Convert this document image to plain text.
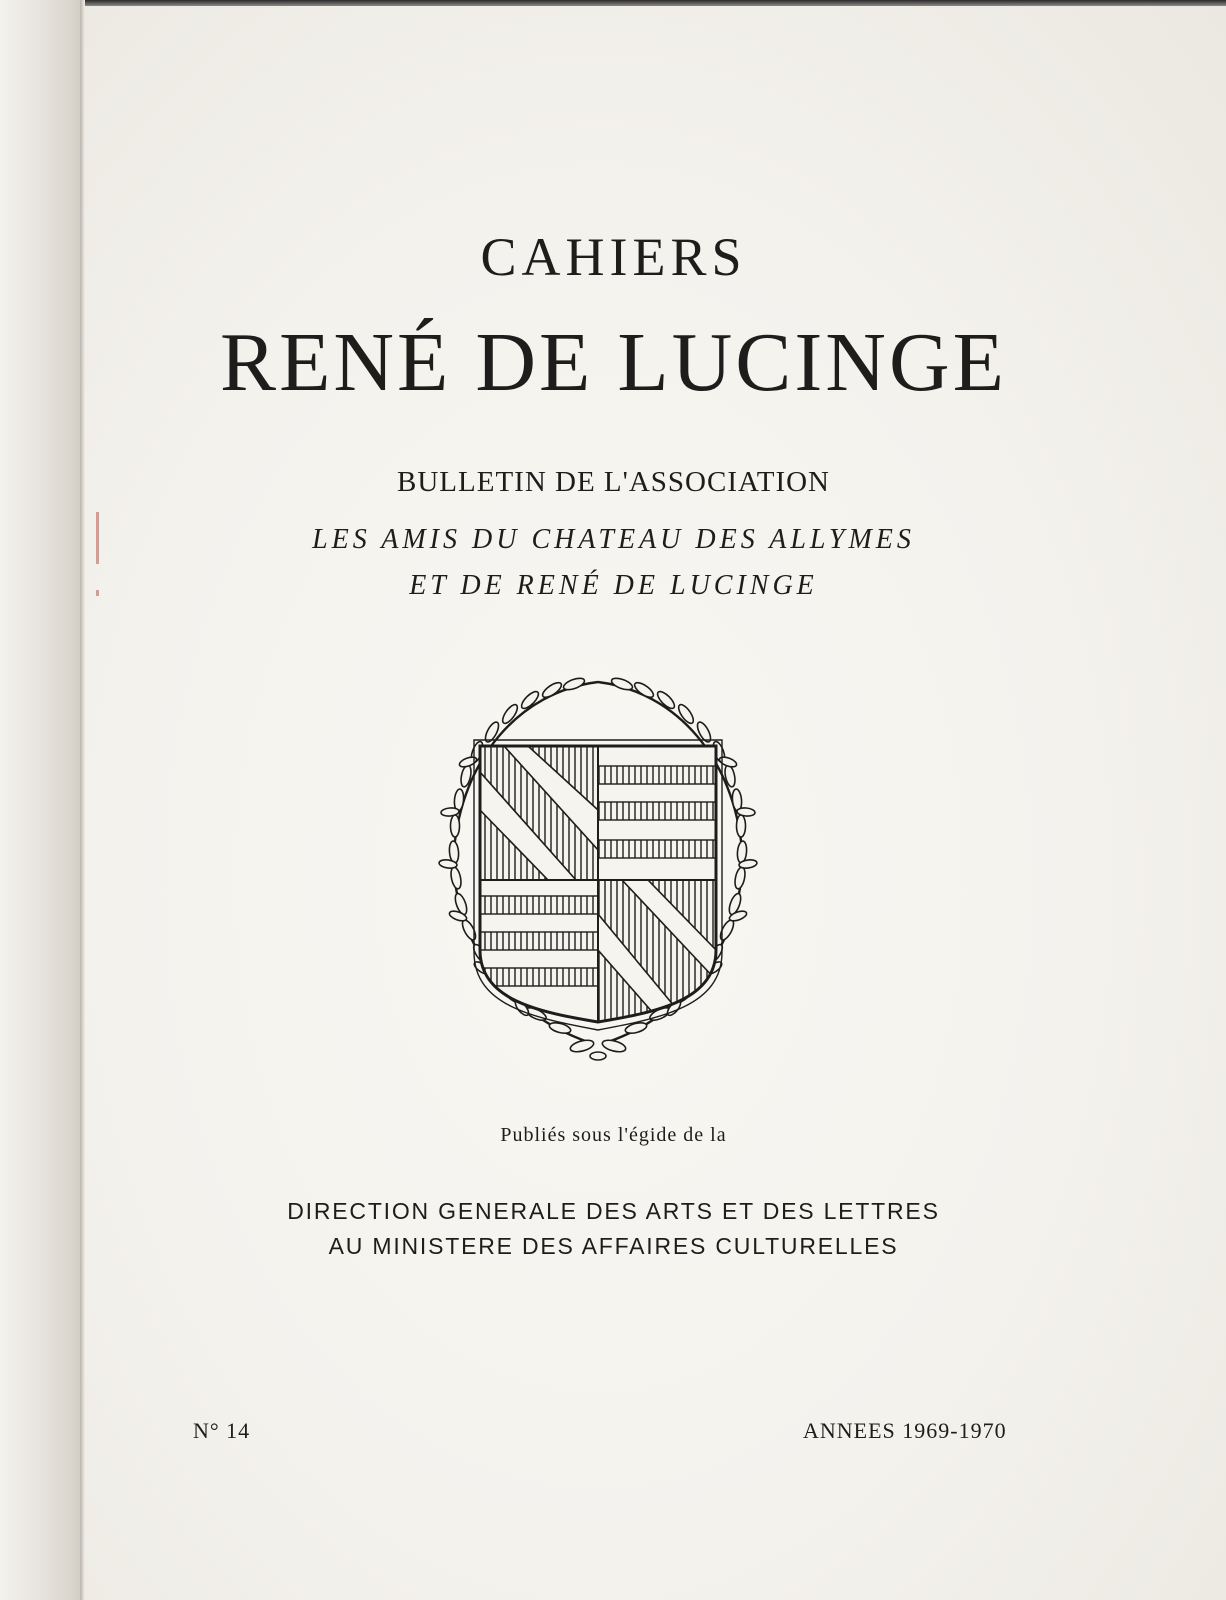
CAHIERS
RENÉ DE LUCINGE

BULLETIN DE L'ASSOCIATION

LES AMIS DU CHATEAU DES ALLYMES

ET DE RENÉ DE LUCINGE

Publiés sous l'égide de la

DIRECTION GENERALE DES ARTS ET DES LETTRES

AU MINISTERE DES AFFAIRES CULTURELLES

N° 14	ANNEES 1969-1970
